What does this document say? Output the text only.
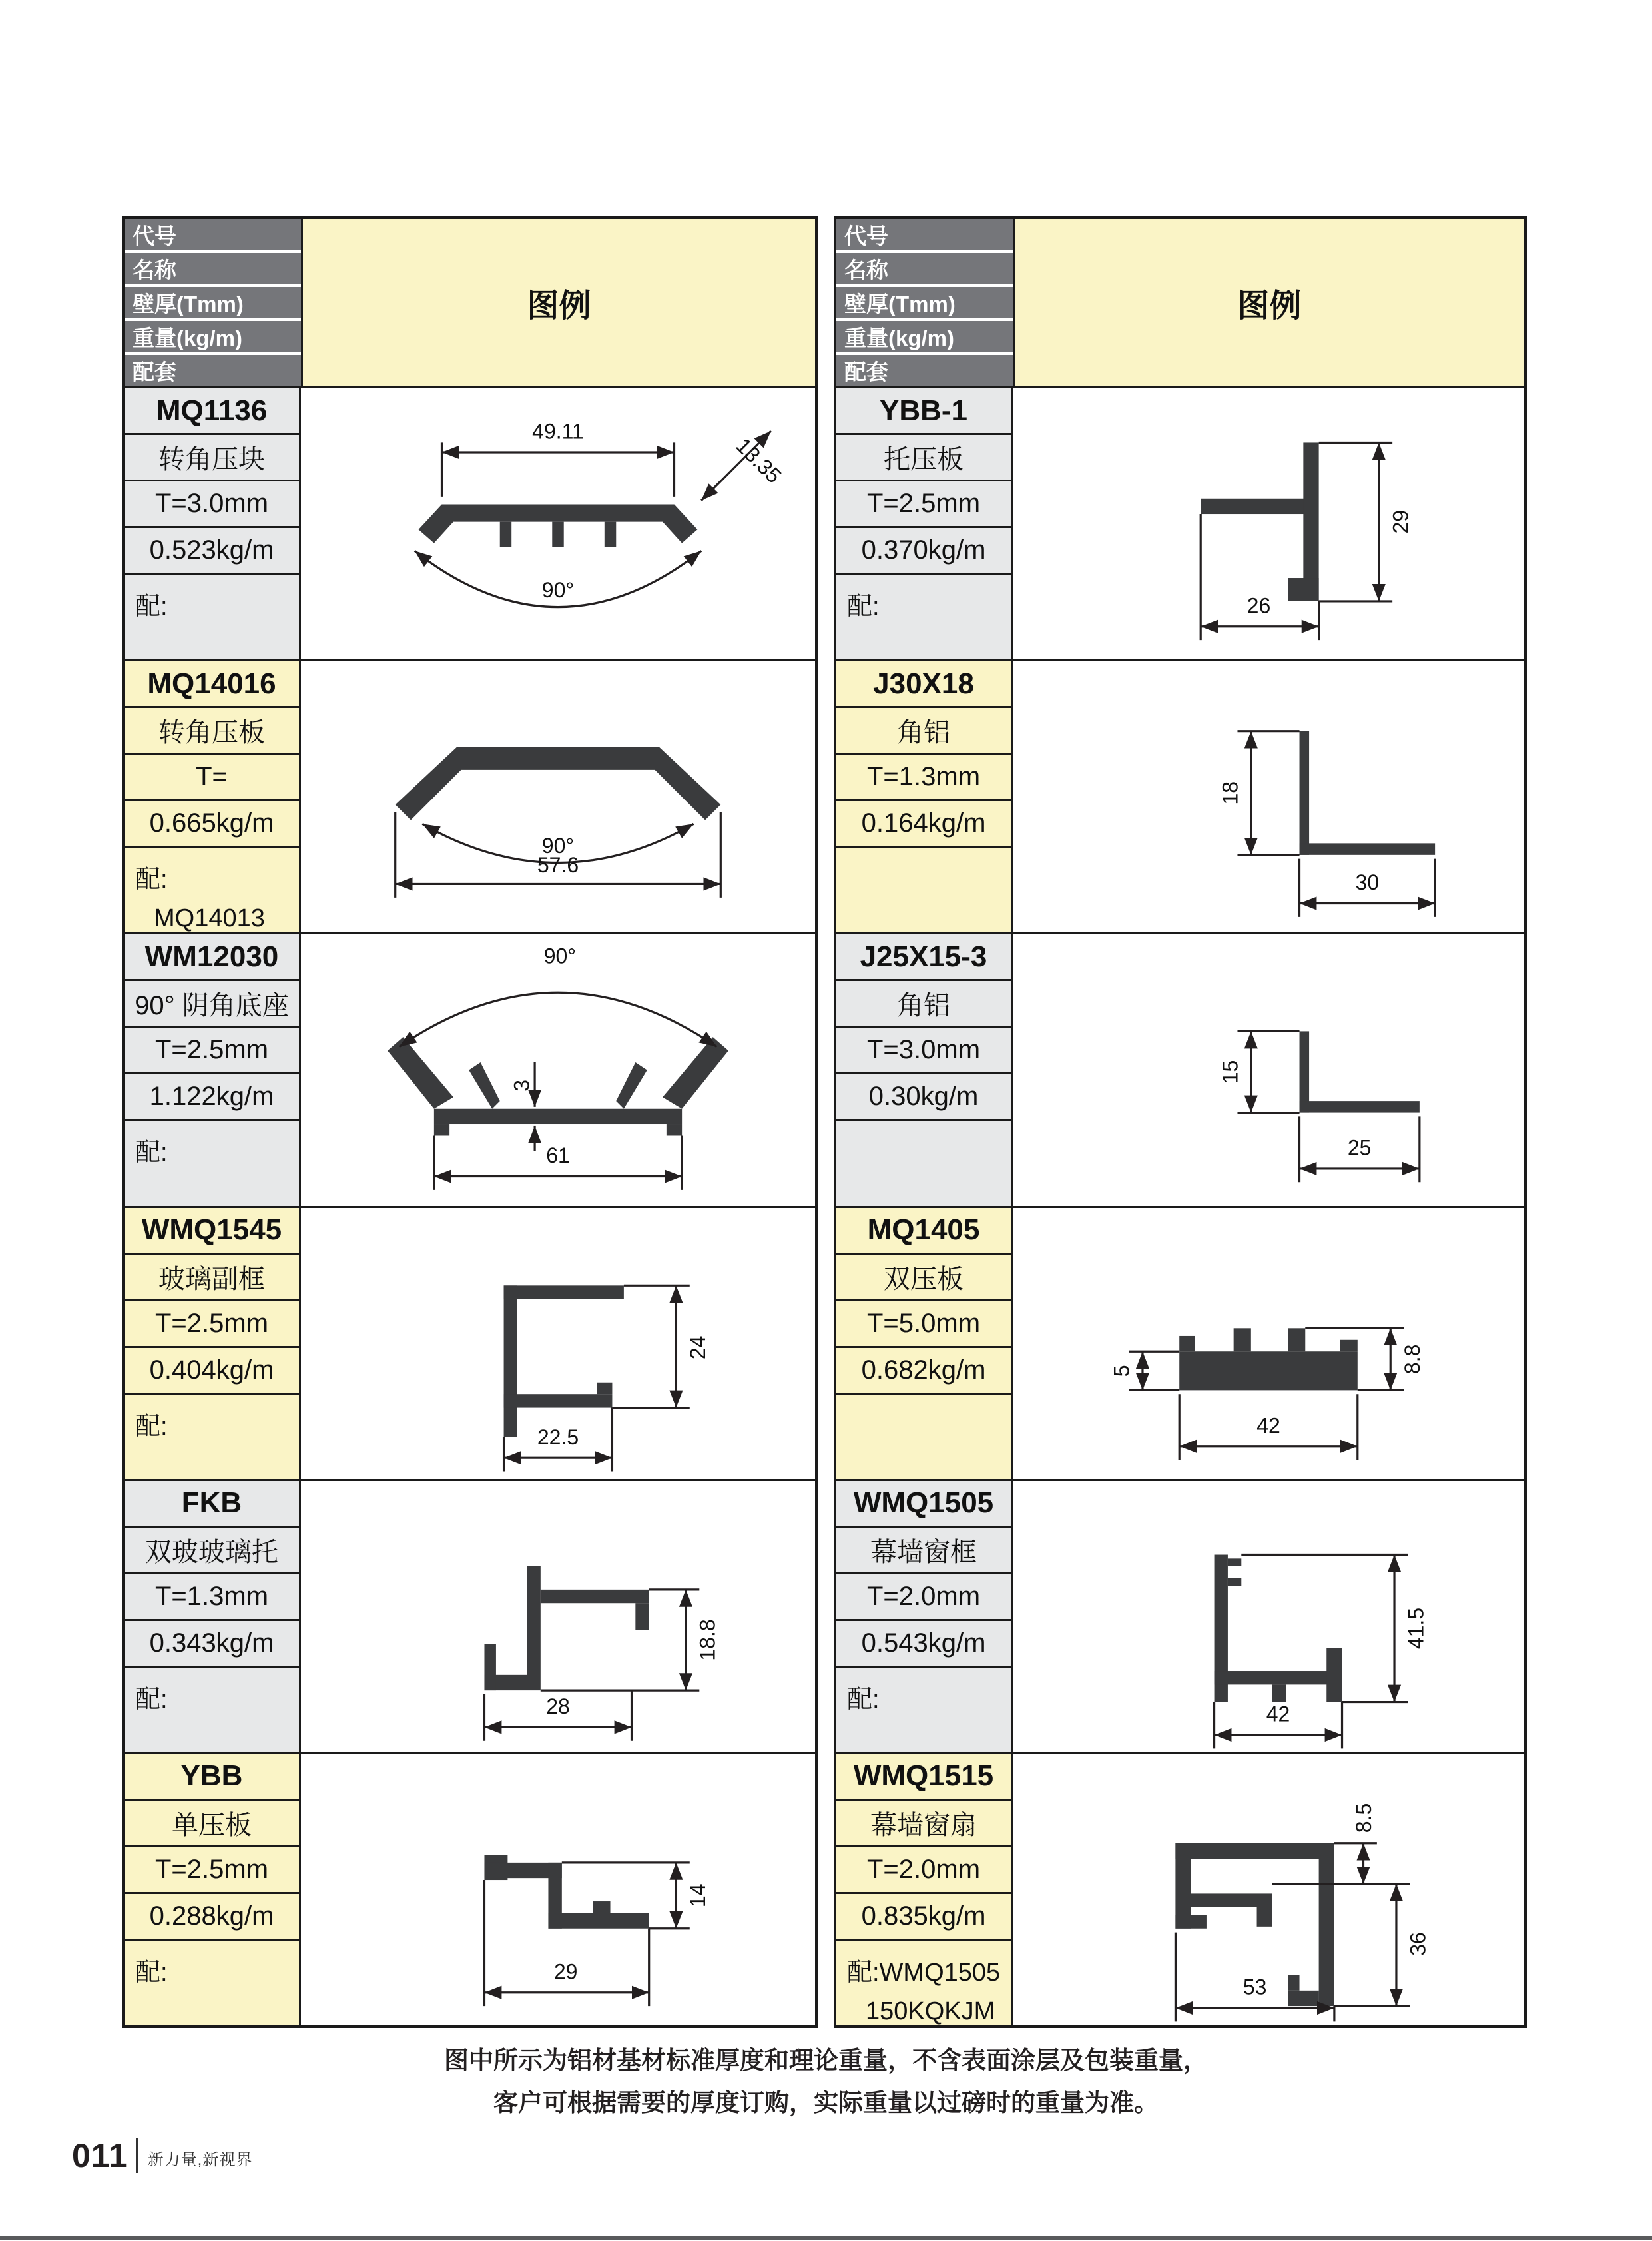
代号
名称
壁厚(Tmm)
重量(kg/m)
配套
图例
MQ1136
转角压块
T=3.0mm
0.523kg/m
配:
49.11
13.35
90°
MQ14016
转角压板
T=
0.665kg/m
配:
MQ14013
90°
57.6
WM12030
90° 阴角底座
T=2.5mm
1.122kg/m
配:
90°
3
61
WMQ1545
玻璃副框
T=2.5mm
0.404kg/m
配:
24
22.5
FKB
双玻玻璃托
T=1.3mm
0.343kg/m
配:
18.8
28
YBB
单压板
T=2.5mm
0.288kg/m
配:
14
29
代号
名称
壁厚(Tmm)
重量(kg/m)
配套
图例
YBB-1
托压板
T=2.5mm
0.370kg/m
配:
29
26
J30X18
角铝
T=1.3mm
0.164kg/m
18
30
J25X15-3
角铝
T=3.0mm
0.30kg/m
15
25
MQ1405
双压板
T=5.0mm
0.682kg/m	8.8
5
42
WMQ1505
幕墙窗框
T=2.0mm
0.543kg/m
配:
41.5
42
WMQ1515
幕墙窗扇
T=2.0mm
0.835kg/m
配:WMQ1505
150KQKJM
8.5
36
53
图中所示为铝材基材标准厚度和理论重量，不含表面涂层及包装重量，
客户可根据需要的厚度订购，实际重量以过磅时的重量为准。
011 新力量,新视界
